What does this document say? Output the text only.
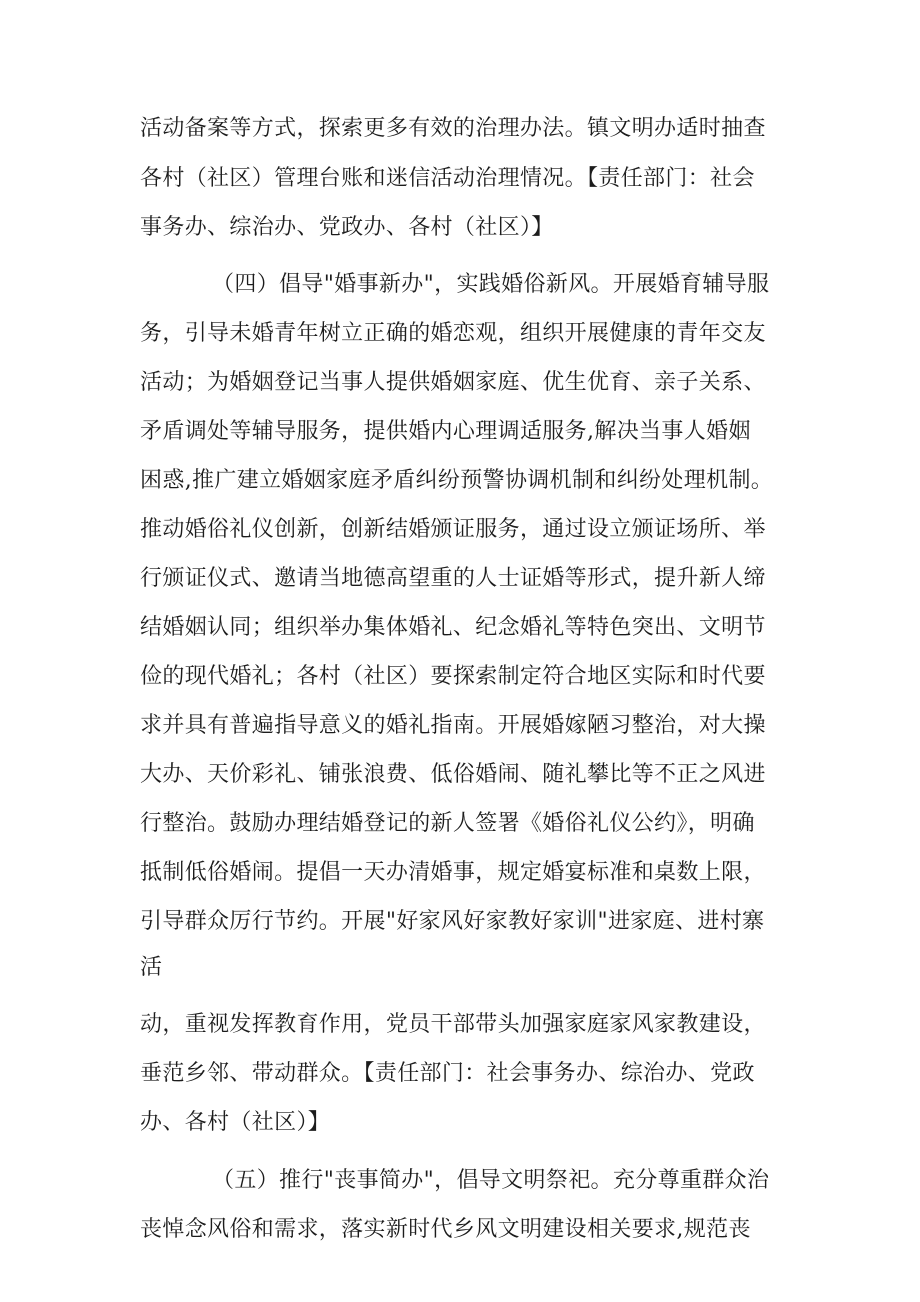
活动备案等方式，探索更多有效的治理办法。镇文明办适时抽查
各村（社区）管理台账和迷信活动治理情况。【责任部门：社会
事务办、综治办、党政办、各村（社区）】
（四）倡导"婚事新办"，实践婚俗新风。开展婚育辅导服
务，引导未婚青年树立正确的婚恋观，组织开展健康的青年交友
活动；为婚姻登记当事人提供婚姻家庭、优生优育、亲子关系、
矛盾调处等辅导服务，提供婚内心理调适服务,解决当事人婚姻
困惑,推广建立婚姻家庭矛盾纠纷预警协调机制和纠纷处理机制。
推动婚俗礼仪创新，创新结婚颁证服务，通过设立颁证场所、举
行颁证仪式、邀请当地德高望重的人士证婚等形式，提升新人缔
结婚姻认同；组织举办集体婚礼、纪念婚礼等特色突出、文明节
俭的现代婚礼；各村（社区）要探索制定符合地区实际和时代要
求并具有普遍指导意义的婚礼指南。开展婚嫁陋习整治，对大操
大办、天价彩礼、铺张浪费、低俗婚闹、随礼攀比等不正之风进
行整治。鼓励办理结婚登记的新人签署《婚俗礼仪公约》，明确
抵制低俗婚闹。提倡一天办清婚事，规定婚宴标准和桌数上限，
引导群众厉行节约。开展"好家风好家教好家训"进家庭、进村寨
活
动，重视发挥教育作用，党员干部带头加强家庭家风家教建设，
垂范乡邻、带动群众。【责任部门：社会事务办、综治办、党政
办、各村（社区）】
（五）推行"丧事简办"，倡导文明祭祀。充分尊重群众治
丧悼念风俗和需求，落实新时代乡风文明建设相关要求,规范丧
